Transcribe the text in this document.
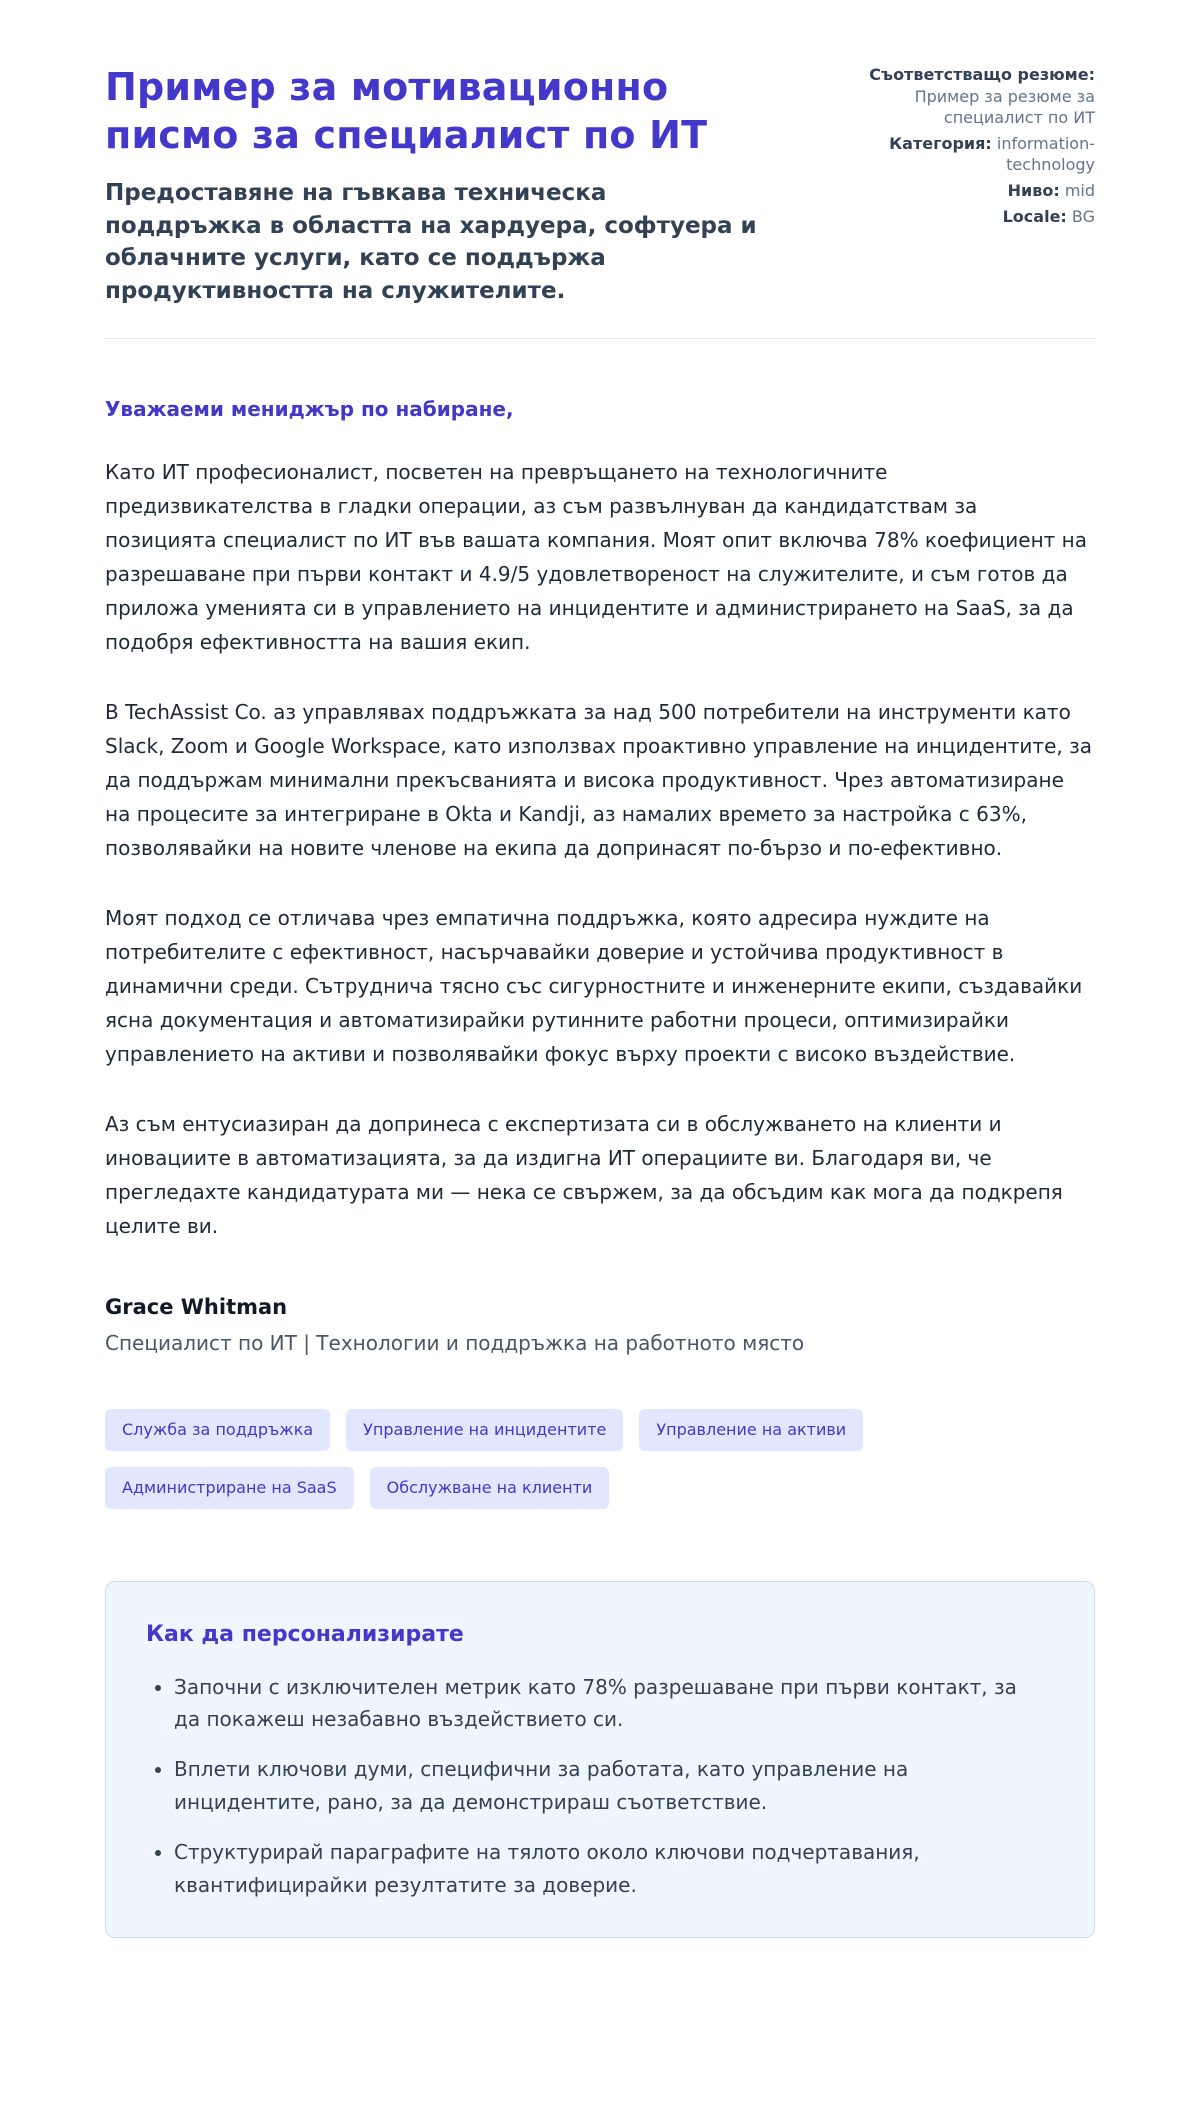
Пример за мотивационно писмо за специалист по ИТ

Предоставяне на гъвкава техническа поддръжка в областта на хардуера, софтуера и облачните услуги, като се поддържа продуктивността на служителите.

Съответстващо резюме: Пример за резюме за специалист по ИТ

Категория: information-technology

Ниво: mid

Locale: BG

Уважаеми мениджър по набиране,

Като ИТ професионалист, посветен на превръщането на технологичните предизвикателства в гладки операции, аз съм развълнуван да кандидатствам за позицията специалист по ИТ във вашата компания. Моят опит включва 78% коефициент на разрешаване при първи контакт и 4.9/5 удовлетвореност на служителите, и съм готов да приложа уменията си в управлението на инцидентите и администрирането на SaaS, за да подобря ефективността на вашия екип.

В TechAssist Co. аз управлявах поддръжката за над 500 потребители на инструменти като Slack, Zoom и Google Workspace, като използвах проактивно управление на инцидентите, за да поддържам минимални прекъсванията и висока продуктивност. Чрез автоматизиране на процесите за интегриране в Okta и Kandji, аз намалих времето за настройка с 63%, позволявайки на новите членове на екипа да допринасят по-бързо и по-ефективно.

Моят подход се отличава чрез емпатична поддръжка, която адресира нуждите на потребителите с ефективност, насърчавайки доверие и устойчива продуктивност в динамични среди. Сътруднича тясно със сигурностните и инженерните екипи, създавайки ясна документация и автоматизирайки рутинните работни процеси, оптимизирайки управлението на активи и позволявайки фокус върху проекти с високо въздействие.

Аз съм ентусиазиран да допринеса с експертизата си в обслужването на клиенти и иновациите в автоматизацията, за да издигна ИТ операциите ви. Благодаря ви, че прегледахте кандидатурата ми — нека се свържем, за да обсъдим как мога да подкрепя целите ви.

Grace Whitman

Специалист по ИТ | Технологии и поддръжка на работното място

Служба за поддръжка	Управление на инцидентите	Управление на активи
Администриране на SaaS	Обслужване на клиенти
Как да персонализирате
• Започни с изключителен метрик като 78% разрешаване при първи контакт, за да покажеш незабавно въздействието си.
• Вплети ключови думи, специфични за работата, като управление на инцидентите, рано, за да демонстрираш съответствие.
• Структурирай параграфите на тялото около ключови подчертавания, квантифицирайки резултатите за доверие.
